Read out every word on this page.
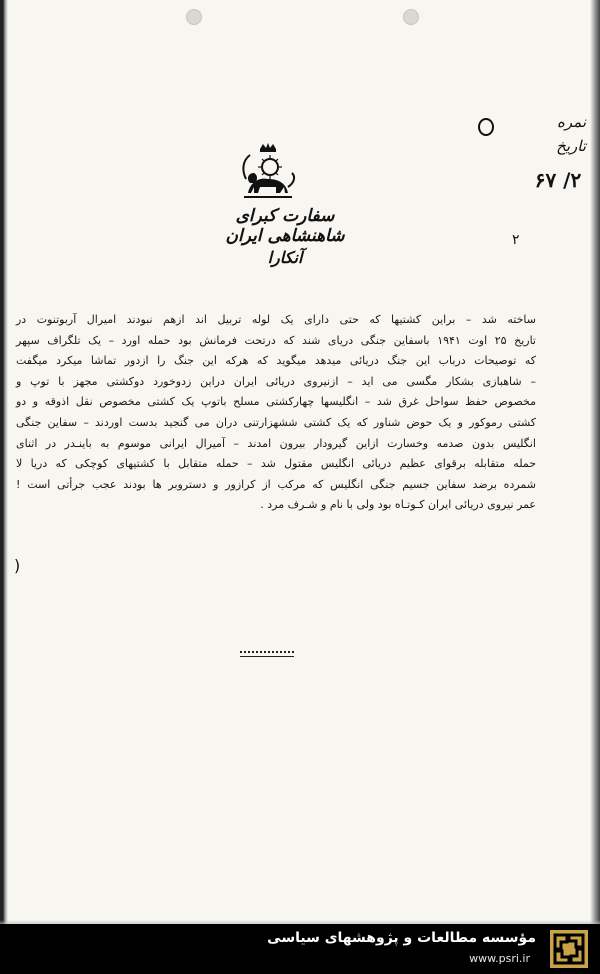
نمره
تاریخ
۲/ ۶۷
۲
سفارت کبرای شاهنشاهی ایران
آنکارا
ساخته شد – براین کشتیها که حتی دارای یک لوله تربیل اند ازهم نبودند امیرال آربوتنوت در
تاریخ ۲۵ اوت ۱۹۴۱ باسفاین جنگی دریای شند که درتحت فرمانش بود حمله اورد – یک تلگراف سپهر
که توصیحات درباب این جنگ دریائی میدهد میگوید که هرکه این جنگ را ازدور تماشا میکرد میگفت
– شاهبازی بشکار مگسی می اید – ازنیروی دریائی ایران دراین زدوخورد دوکشتی مجهز با توپ و
مخصوص حفظ سواحل غرق شد – انگلیسها چهارکشتی مسلح باتوپ یک کشتی مخصوص نقل اذوقه و دو
کشتی رموکور و یک حوض شناور که یک کشتی ششهزارتنی دران می گنجید بدست اوردند – سفاین جنگی
انگلیس بدون صدمه وخسارت ازاین گیرودار بیرون امدند – آمیرال ایرانی موسوم به باینـدر در اثنای
حمله متقابله برقوای عظیم دریائی انگلیس مقتول شد – حمله متقابل با کشتیهای کوچکی که دریا لا
شمرده برضد سفاین جسیم جنگی انگلیس که مرکب از کرازور و دستروبر ها بودند عجب جرأتی است !
عمر نیروی دریائی ایران کـوتـاه بود ولی با نام و شـرف مرد .
)
مؤسسه مطالعات و پژوهشهای سیاسی
www.psri.ir
